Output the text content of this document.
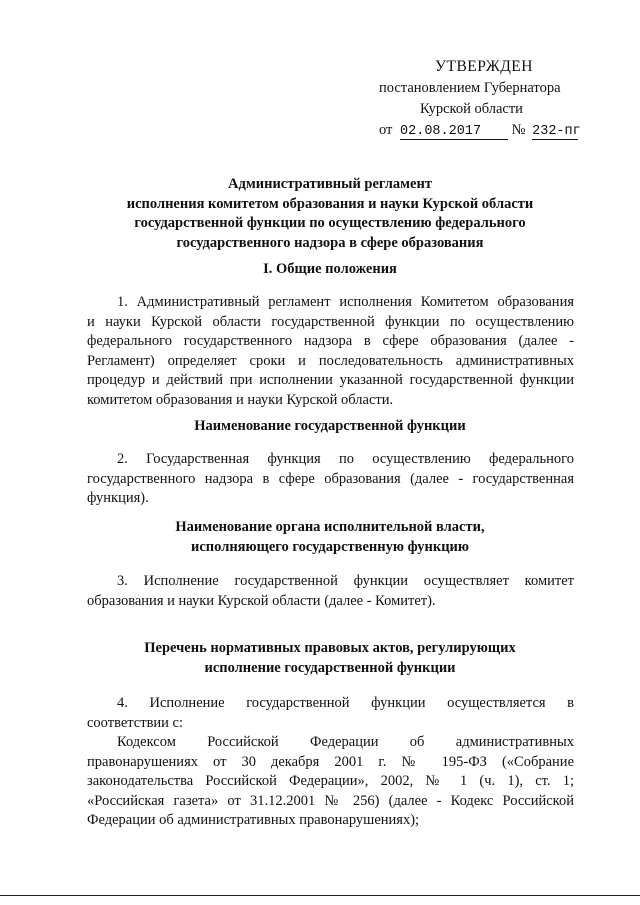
УТВЕРЖДЕН
постановлением Губернатора
Курской области
от 02.08.2017 № 232-пг
Административный регламент
исполнения комитетом образования и науки Курской области
государственной функции по осуществлению федерального
государственного надзора в сфере образования
I. Общие положения
1. Административный регламент исполнения Комитетом образования
и науки Курской области государственной функции по осуществлению
федерального государственного надзора в сфере образования (далее -
Регламент) определяет сроки и последовательность административных
процедур и действий при исполнении указанной государственной функции
комитетом образования и науки Курской области.
Наименование государственной функции
2. Государственная функция по осуществлению федерального
государственного надзора в сфере образования (далее - государственная
функция).
Наименование органа исполнительной власти,
исполняющего государственную функцию
3. Исполнение государственной функции осуществляет комитет
образования и науки Курской области (далее - Комитет).
Перечень нормативных правовых актов, регулирующих
исполнение государственной функции
4. Исполнение государственной функции осуществляется в
соответствии с:
Кодексом Российской Федерации об административных
правонарушениях от 30 декабря 2001 г. № 195-ФЗ («Собрание
законодательства Российской Федерации», 2002, № 1 (ч. 1), ст. 1;
«Российская газета» от 31.12.2001 № 256) (далее - Кодекс Российской
Федерации об административных правонарушениях);
